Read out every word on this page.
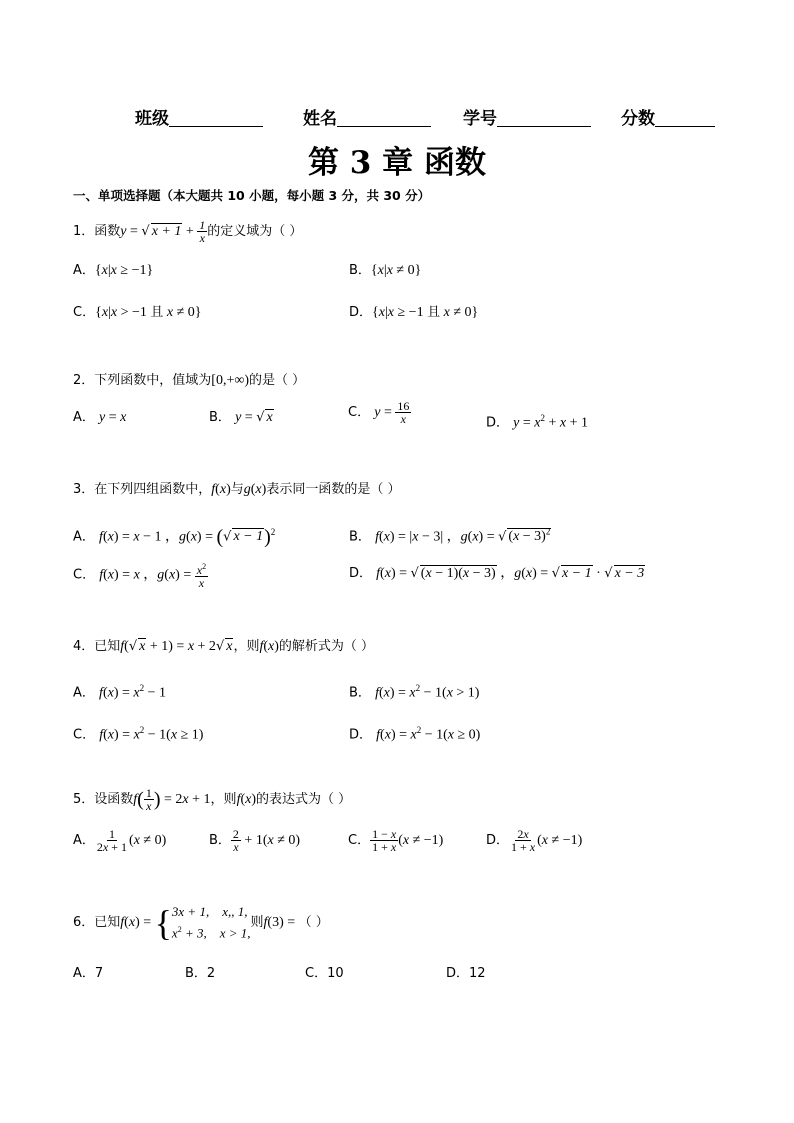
班级	姓名	学号	分数
第 3 章 函数
一、单项选择题（本大题共 10 小题，每小题 3 分，共 30 分）
1．函数y = √ $x + 1 + \frac{1}{x}$ 的定义域为（ ）
A．{x|x ≥ −1}	B．{x|x ≠ 0}
C．{x|x > −1 且 x ≠ 0}	D．{x|x ≥ −1 且 x ≠ 0}
2．下列函数中，值域为[0,+∞)的是（ ）
A． y = x	B． y = √ x	C． $y = \frac{16}{x}$	D． $y = x^2 + x + 1$
3．在下列四组函数中，f(x)与g(x)表示同一函数的是（ ）
A． f(x) = x − 1 ，g(x) = (√ x − 1)$^2$	B． f(x) = |x − 3| ，g(x) = √ $(x - 3)^2$
C． f(x) = x ，$g(x) = \frac{x^2}{x}$	D． f(x) = √ (x − 1)(x − 3) ，g(x) = √ x − 1 · √ x − 3
4．已知f(√ x + 1) = x + 2√ x，则f(x)的解析式为（ ）
A． $f(x) = x^2 - 1$	B． $f(x) = x^2 - 1(x > 1)$
C． $f(x) = x^2 - 1(x \ge 1)$	D． $f(x) = x^2 - 1(x \ge 0)$
5．设函数$f( \frac{1}{x}$ ) = 2x + 1，则f(x)的表达式为（ ）
A． $\frac{1}{2x + 1} (x \ne 0)$	B． $\frac{2}{x} + 1(x \ne 0)$	C． $\frac{1 - x}{1 + x} (x \ne -1)$	D． $\frac{2x}{1 + x} (x \ne -1)$
6．已知f(x) = { 3x + 1,    x,, 1,
$x^2 + 3$,    x > 1,
则f(3) = （ ）
A．7	B．2	C．10	D．12
